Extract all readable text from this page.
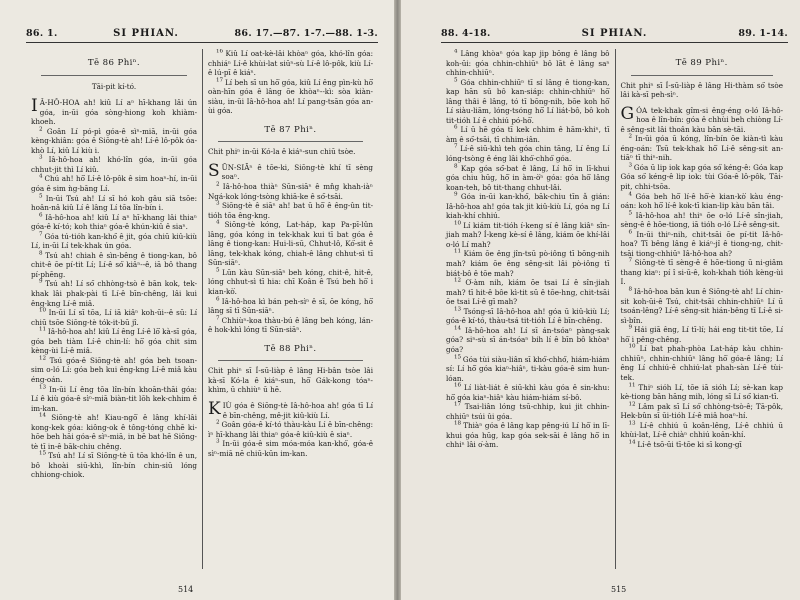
86. 1.	SI PHIAN.	86. 17.—87. 1-7.—88. 1-3.
Tē 86 Phiⁿ.
Tāi-pit kí-tó.

I Â-HÔ-HOA ah! kiû Lí aⁿ hī-khang lâi ún góa, in-ūi góa sòng-hiong koh khiàm-khoeh.

$^2$ Goân Lí pó-pì góa-ê sìⁿ-miā, in-ūi góa kèng-khiân: góa ê Siōng-tè ah! Lí-ê lô-pôk óa-khò Lí, kiû Lí kiù i.

$^3$ Iâ-hô-hoa ah! khó-lîn góa, in-ūi góa chhut-jit thì Lí kiû.

$^4$ Chú ah! hō͘ Lí-ê lô-pôk ê sim hoaⁿ-hí, in-ūi góa ê sim ǹg-bāng Lí.

$^5$ In-ūi Tsú ah! Lí sī hó koh gâu siā tsōe: hoân-nâ kiû Lí ê lâng Lí tōa lîn-bín i.

$^6$ Iâ-hô-hoa ah! kiû Lí aⁿ hī-khang lâi thiaⁿ góa-ê kí-tó; koh thiaⁿ góa-ê khún-kiû ê siaⁿ.

$^7$ Góa tú-tióh kan-khó͘ ê jit, góa chiū kiû-kiù Lí, in-ūi Lí tek-khak ún góa.

$^8$ Tsú ah! chiah ê sìn-bêng ê tiong-kan, bô chit-ê ōe pí-tit Lí; Lí-ê só͘ kiâⁿ--ê, iā bô thang pí-phēng.

$^9$ Tsú ah! Lí só͘ chhòng-tsò ê bān kok, tek-khak lâi phak-pài tī Lí-ê bīn-chêng, lâi kui êng-kng Lí-ê miâ.

$^{10}$ In-ūi Lí sī tōa, Lí iā kiâⁿ koh-ūi--ê sū: Lí chiū tsōe Siōng-tè tók-it-bū jî.

$^{11}$ Iâ-hô-hoa ah! kiû Lí êng Lí-ê lō͘ kà-sī góa, góa beh tiàm Lí-ê chin-lí: hō͘ góa chit sim kèng-ùi Lí-ê miâ.

$^{12}$ Tsú góa-ê Siōng-tè ah! góa beh tsoan-sim o-ló Lí: góa beh kui êng-kng Lí-ê miâ kàu éng-oán.

$^{13}$ In-ūi Lí êng tōa lîn-bín khoān-thāi góa: Lí ê kiù góa-ê sìⁿ-miā biàn-tit lōh kek-chhim ê im-kan.

$^{14}$ Siōng-tè ah! Kiau-ngō͘ ê lâng khí-lâi kong-kek góa: kiông-ok ê tông-tóng chhē ki-hōe beh hāi góa-ê sìⁿ-miā, in bē bat hē Siōng-tè tī in-ê bāk-chiu chêng.

$^{15}$ Tsú ah! Lí sī Siōng-tè ū tōa khó-lîn ê un, bô khoài siū-khì, lîn-bín chin-siū lóng chhiong-chiok.

$^{16}$ Kiû Lí oat-kè-lâi khòaⁿ góa, khó-lîn góa: chhiáⁿ Lí-ê khùi-lat siūⁿ-sù Lí-ê lô-pôk, kiù Lí-ê lú-pī ê kiáⁿ.

$^{17}$ Lí beh sī un hō͘ góa, kiû Lí êng pìn-kù hō͘ oàn-hīn góa ê lâng ōe khòaⁿ--kì: sòa kiàn-siàu, in-ūi Iâ-hô-hoa ah! Lí pang-tsān góa an-ùi góa.

Tē 87 Phiⁿ.
Chit phiⁿ in-ūi Kó-la ê kiáⁿ-sun chiū tsòe.

SŪN-SIĀⁿ ê tōe-ki, Siōng-tè khí tī sèng soaⁿ.

$^2$ Iâ-hô-hoa thiàⁿ Sūn-siāⁿ ê mn̂g khah-iàⁿ Ngá-kok lóng-tsòng khiā-ke ê só͘-tsāi.

$^3$ Siōng-tè ê siāⁿ ah! bat ū hō͘ ê êng-ûn tit-tióh tōa êng-kng.

$^4$ Siōng-tè kóng, Lat-háp, kap Pa-pī-lûn lâng, góa kóng in tek-khak kui tī bat góa ê lâng ê tiong-kan: Hui-li-sū, Chhut-lô, Kó͘-sit ê lâng, tek-khak kóng, chiah-ê lâng chhut-sì tī Sūn-siāⁿ.

$^5$ Lūn kàu Sūn-siāⁿ beh kóng, chit-ê, hit-ê, lóng chhut-sì tī hia: chī Koân ê Tsú beh hō͘ i kian-kò͘.

$^6$ Iâ-hô-hoa kì bán peh-sìⁿ ê sī, ōe kóng, hō͘ lâng sī tī Sūn-siāⁿ.

$^7$ Chhiùⁿ-koa thàu-bú ê lâng beh kóng, lán-ê hok-khì lóng tī Sūn-siāⁿ.

Tē 88 Phiⁿ.
Chit phiⁿ sī Í-sū-liàp ê lâng Hi-bân tsòe lâi kà-sī Kó-la ê kiáⁿ-sun, hō͘ Gák-kong tóaⁿ-khìm, ū chhiùⁿ ū hē.

KIÙ góa ê Siōng-tè Iâ-hô-hoa ah! góa tī Lí ê bīn-chêng, mê-jit kiû-kiù Lí.

$^2$ Goân góa-ê kí-tó thàu-kàu Lí ê bīn-chêng: ìⁿ hī-khang lâi thiaⁿ góa-ê kiû-kiù ê siaⁿ.

$^3$ In-ūi góa-ê sim móa-móa kan-khó͘, góa-ê sìⁿ-miā nē chiū-kūn im-kan.

514
88. 4-18.	SI PHIAN.	89. 1-14.

$^4$ Lâng khòaⁿ góa kap jip bōng ê lâng bô koh-ūi: góa chhin-chhiūⁿ bô lāt ê lâng saⁿ chhin-chhiūⁿ.

$^5$ Góa chhin-chhiūⁿ tī sí lâng ê tiong-kan, kap hān sū bô kan-siáp: chhin-chhiūⁿ hō͘ lâng thâi ê lâng, tó tī bōng-nih, bōe koh hō͘ Lí siàu-liām, lóng-tsóng hō͘ Lí liát-bô, bô koh tit-tióh Lí ê chhiú pó-hō͘.

$^6$ Lí ū hē góa tī kek chhim ê hām-khiⁿ, tī àm ê só͘-tsāi, tī chhim-iân.

$^7$ Lí-ê siū-khì teh góa chin tāng, Lí êng Lí lóng-tsòng ê éng lâi khó͘-chhó͘ góa.

$^8$ Kap góa só͘-bat ê lâng, Lí hō͘ in lī-khui góa chiu hūg, hō͘ in àm-ò͘ⁿ góa: góa hō͘ lâng koan-teh, bô tit-thang chhut-lâi.

$^9$ Góa in-ūi kan-khó͘, bāk-chiu tīn ǎ gián: Iâ-hô-hoa ah! góa tak jit kiû-kiù Lí, góa ng Lí kiah-khí chhiú.

$^{10}$ Lí kiám tit-tióh í-keng sí ê lâng kiâⁿ sîn-jiah mah? Í-keng kè-sí ê lâng, kiám ōe khí-lâi o-ló Lí mah?

$^{11}$ Kiám ōe êng jîn-tsū pò-iông tī bōng-nih mah? kiám ōe êng sêng-sit lâi pò-iông tī biát-bô ê tōe mah?

$^{12}$ O͘-àm nih, kiám ōe tsai Lí ê sîn-jiah mah? tī hit-ê bôe kì-tit sū ê tōe-hng, chit-tsāi ōe tsai Lí-ê gī mah?

$^{13}$ Tsóng-sī Iâ-hô-hoa ah! góa ū kiû-kiù Lí; góa-ê kí-tó, thàu-tsá tit-tióh Lí ê bīn-chêng.

$^{14}$ Iâ-hô-hoa ah! Lí sī án-tsóaⁿ pàng-sak góa? siⁿ-sù sī án-tsóaⁿ bih lí ê bīn bô khòaⁿ góa?

$^{15}$ Góa tùi siàu-liân sī khó͘-chhó͘, hiám-hiám sí: Lí hō͘ góa kiaⁿ-hiâⁿ, ti-kàu góa-ê sim hun-lóan.

$^{16}$ Lí liàt-liát ê siū-khì kàu góa ê sin-khu: hō͘ góa kiaⁿ-hiâⁿ kàu hiám-hiám sí-bô.

$^{17}$ Tsai-liân lóng tsū-chhip, kui jit chhin-chhiūⁿ tsúi ûi góa.

$^{18}$ Thiàⁿ góa ê lâng kap pêng-iú Lí hō͘ in lī-khui góa hūg, kap góa sek-sāi ê lâng hō͘ in chhiⁿ lâi o͘-àm.

Tē 89 Phiⁿ.
Chit phiⁿ sī Í-sū-liàp ê lâng Hi-thàm só͘ tsòe lâi kà-sī peh-sìⁿ.

GÓA tek-khak gîm-si êng-éng o-ló Iâ-hô-hoa ê lîn-bín: góa ê chhùi beh chiòng Lí-ê sêng-sit lâi thoân kàu bān sè-tāi.

$^2$ In-ūi góa ū kóng, lîn-bín ōe kiàn-tì kàu éng-oán: Tsū tek-khak hō͘ Lí-ê sêng-sit an-tiāⁿ tī thiⁿ-nih.

$^3$ Góa ū lip iok kap góa só͘ kéng-ê: Góa kap Góa só͘ kéng-ê lip iok: tùi Góa-ê lô-pôk, Tāi-pit, chhi-tsōa.

$^4$ Góa beh hō͘ lí-ê hō͘-è kian-kò͘ kàu éng-oán: koh hō͘ lí-ê kok-tī kian-lip kàu bān tāi.

$^5$ Iâ-hô-hoa ah! thiⁿ ōe o-ló Lí-ê sîn-jiah, sèng-ê ê hōe-tiong, iā tióh o-ló Lí-ê sêng-sit.

$^6$ In-ūi thiⁿ-nih, chit-tsāi ōe pí-tit Iâ-hô-hoa? Tī bêng lâng ê kiáⁿ-jî ê tiong-ng, chit-tsāi tiong-chhiūⁿ Iâ-hô-hoa ah?

$^7$ Siōng-tè tī sèng-ê ê hōe-tiong ū ni-giâm thang kiaⁿ: pí î si-ū-ê, koh-khah tióh kèng-ùi I.

$^8$ Iâ-hô-hoa bān kun ê Siōng-tè ah! Lí chin-sit koh-ūi-ê Tsú, chit-tsāi chhin-chhiūⁿ Lí ū tsoán-lêng? Lí-ê sêng-sit hián-bêng tī Lí-ê si-sì-bîn.

$^9$ Hái giā êng, Lí tī-lí; hái eng tit-tit tōe, Lí hō͘ i pêng-chêng.

$^{10}$ Lí bat phah-phòa Lat-háp kàu chhin-chhiūⁿ, chhin-chhiūⁿ lâng hō͘ góa-ê lâng; Lí êng Lí chhiú-ê chhiú-lat phah-sàn Lí-ê tùi-tek.

$^{11}$ Thiⁿ sióh Lí, tōe iā sióh Lí; sè-kan kap kè-tiong bān hāng mih, lóng sī Lí só͘ kian-tī.

$^{12}$ Lâm pak sī Lí só͘ chhòng-tsò-ê; Tā-pôk, Hek-bûn sī ūi-tióh Lí-ê miâ hoaⁿ-hí.

$^{13}$ Lí-ê chhiú ū koân-lêng, Lí-ê chhiú ū khùi-lat, Lí-ê chiàⁿ chhiú koân-khí.

$^{14}$ Lí-ê tsō-ūi tī-tōe ki sī kong-gī

515
